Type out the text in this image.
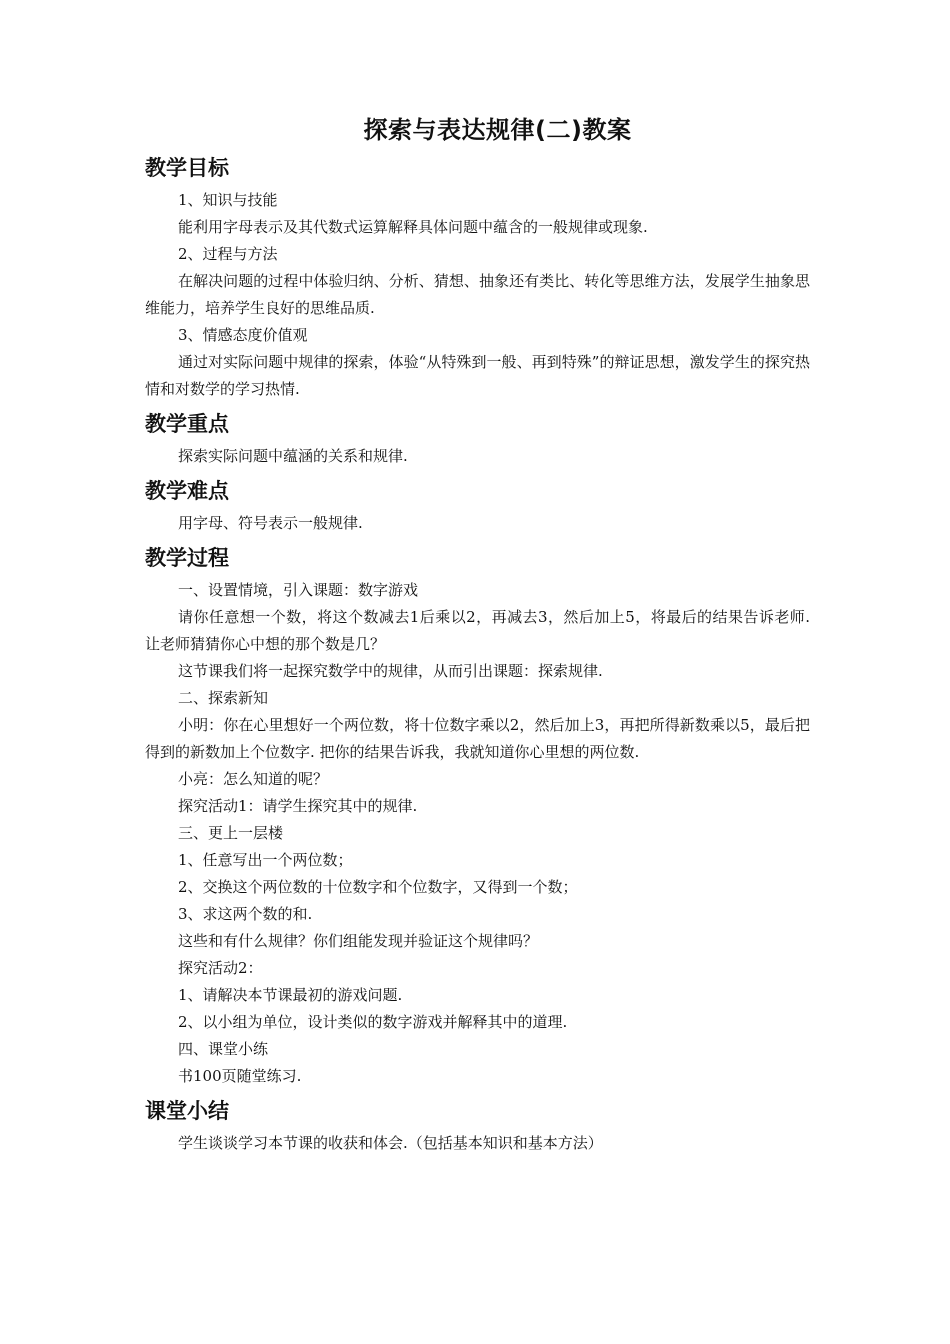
探索与表达规律(二)教案
教学目标

1、知识与技能

能利用字母表示及其代数式运算解释具体问题中蕴含的一般规律或现象.

2、过程与方法

在解决问题的过程中体验归纳、分析、猜想、抽象还有类比、转化等思维方法，发展学生抽象思维能力，培养学生良好的思维品质.

3、情感态度价值观

通过对实际问题中规律的探索，体验“从特殊到一般、再到特殊”的辩证思想，激发学生的探究热情和对数学的学习热情.

教学重点

探索实际问题中蕴涵的关系和规律.

教学难点

用字母、符号表示一般规律.

教学过程

一、设置情境，引入课题：数字游戏

请你任意想一个数，将这个数减去1后乘以2，再减去3，然后加上5，将最后的结果告诉老师. 让老师猜猜你心中想的那个数是几？

这节课我们将一起探究数学中的规律，从而引出课题：探索规律.

二、探索新知

小明：你在心里想好一个两位数，将十位数字乘以2，然后加上3，再把所得新数乘以5，最后把得到的新数加上个位数字. 把你的结果告诉我，我就知道你心里想的两位数.

小亮：怎么知道的呢？

探究活动1：请学生探究其中的规律.

三、更上一层楼

1、任意写出一个两位数；

2、交换这个两位数的十位数字和个位数字，又得到一个数；

3、求这两个数的和.

这些和有什么规律？你们组能发现并验证这个规律吗？

探究活动2：

1、请解决本节课最初的游戏问题.

2、以小组为单位，设计类似的数字游戏并解释其中的道理.

四、课堂小练

书100页随堂练习.

课堂小结

学生谈谈学习本节课的收获和体会.（包括基本知识和基本方法）
